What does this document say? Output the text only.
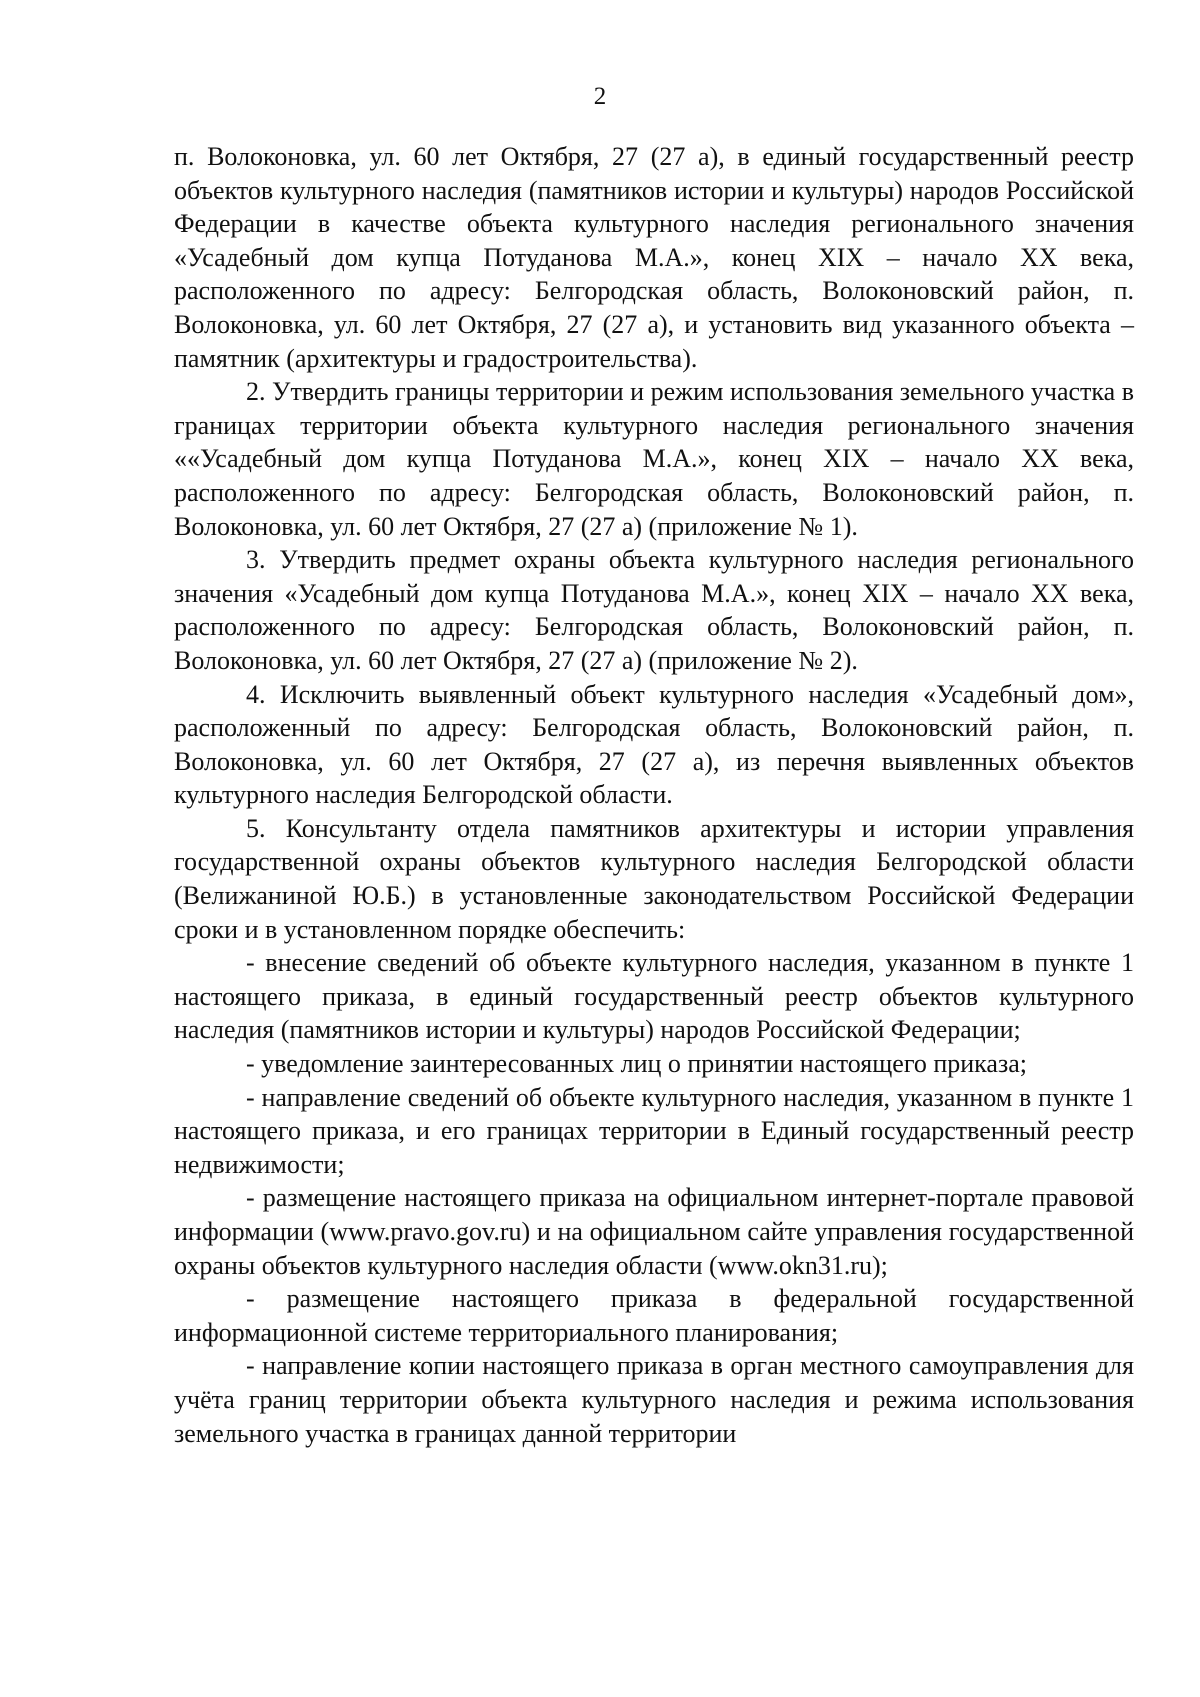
2

п. Волоконовка, ул. 60 лет Октября, 27 (27 а), в единый государственный реестр объектов культурного наследия (памятников истории и культуры) народов Российской Федерации в качестве объекта культурного наследия регионального значения «Усадебный дом купца Потуданова М.А.», конец XIX – начало XX века, расположенного по адресу: Белгородская область, Волоконовский район, п. Волоконовка, ул. 60 лет Октября, 27 (27 а), и установить вид указанного объекта – памятник (архитектуры и градостроительства).

2. Утвердить границы территории и режим использования земельного участка в границах территории объекта культурного наследия регионального значения ««Усадебный дом купца Потуданова М.А.», конец XIX – начало XX века, расположенного по адресу: Белгородская область, Волоконовский район, п. Волоконовка, ул. 60 лет Октября, 27 (27 а) (приложение № 1).

3. Утвердить предмет охраны объекта культурного наследия регионального значения «Усадебный дом купца Потуданова М.А.», конец XIX – начало XX века, расположенного по адресу: Белгородская область, Волоконовский район, п. Волоконовка, ул. 60 лет Октября, 27 (27 а) (приложение № 2).

4. Исключить выявленный объект культурного наследия «Усадебный дом», расположенный по адресу: Белгородская область, Волоконовский район, п. Волоконовка, ул. 60 лет Октября, 27 (27 а), из перечня выявленных объектов культурного наследия Белгородской области.

5. Консультанту отдела памятников архитектуры и истории управления государственной охраны объектов культурного наследия Белгородской области (Велижаниной Ю.Б.) в установленные законодательством Российской Федерации сроки и в установленном порядке обеспечить:

- внесение сведений об объекте культурного наследия, указанном в пункте 1 настоящего приказа, в единый государственный реестр объектов культурного наследия (памятников истории и культуры) народов Российской Федерации;

- уведомление заинтересованных лиц о принятии настоящего приказа;

- направление сведений об объекте культурного наследия, указанном в пункте 1 настоящего приказа, и его границах территории в Единый государственный реестр недвижимости;

- размещение настоящего приказа на официальном интернет-портале правовой информации (www.pravo.gov.ru) и на официальном сайте управления государственной охраны объектов культурного наследия области (www.okn31.ru);

- размещение настоящего приказа в федеральной государственной информационной системе территориального планирования;

- направление копии настоящего приказа в орган местного самоуправления для учёта границ территории объекта культурного наследия и режима использования земельного участка в границах данной территории
